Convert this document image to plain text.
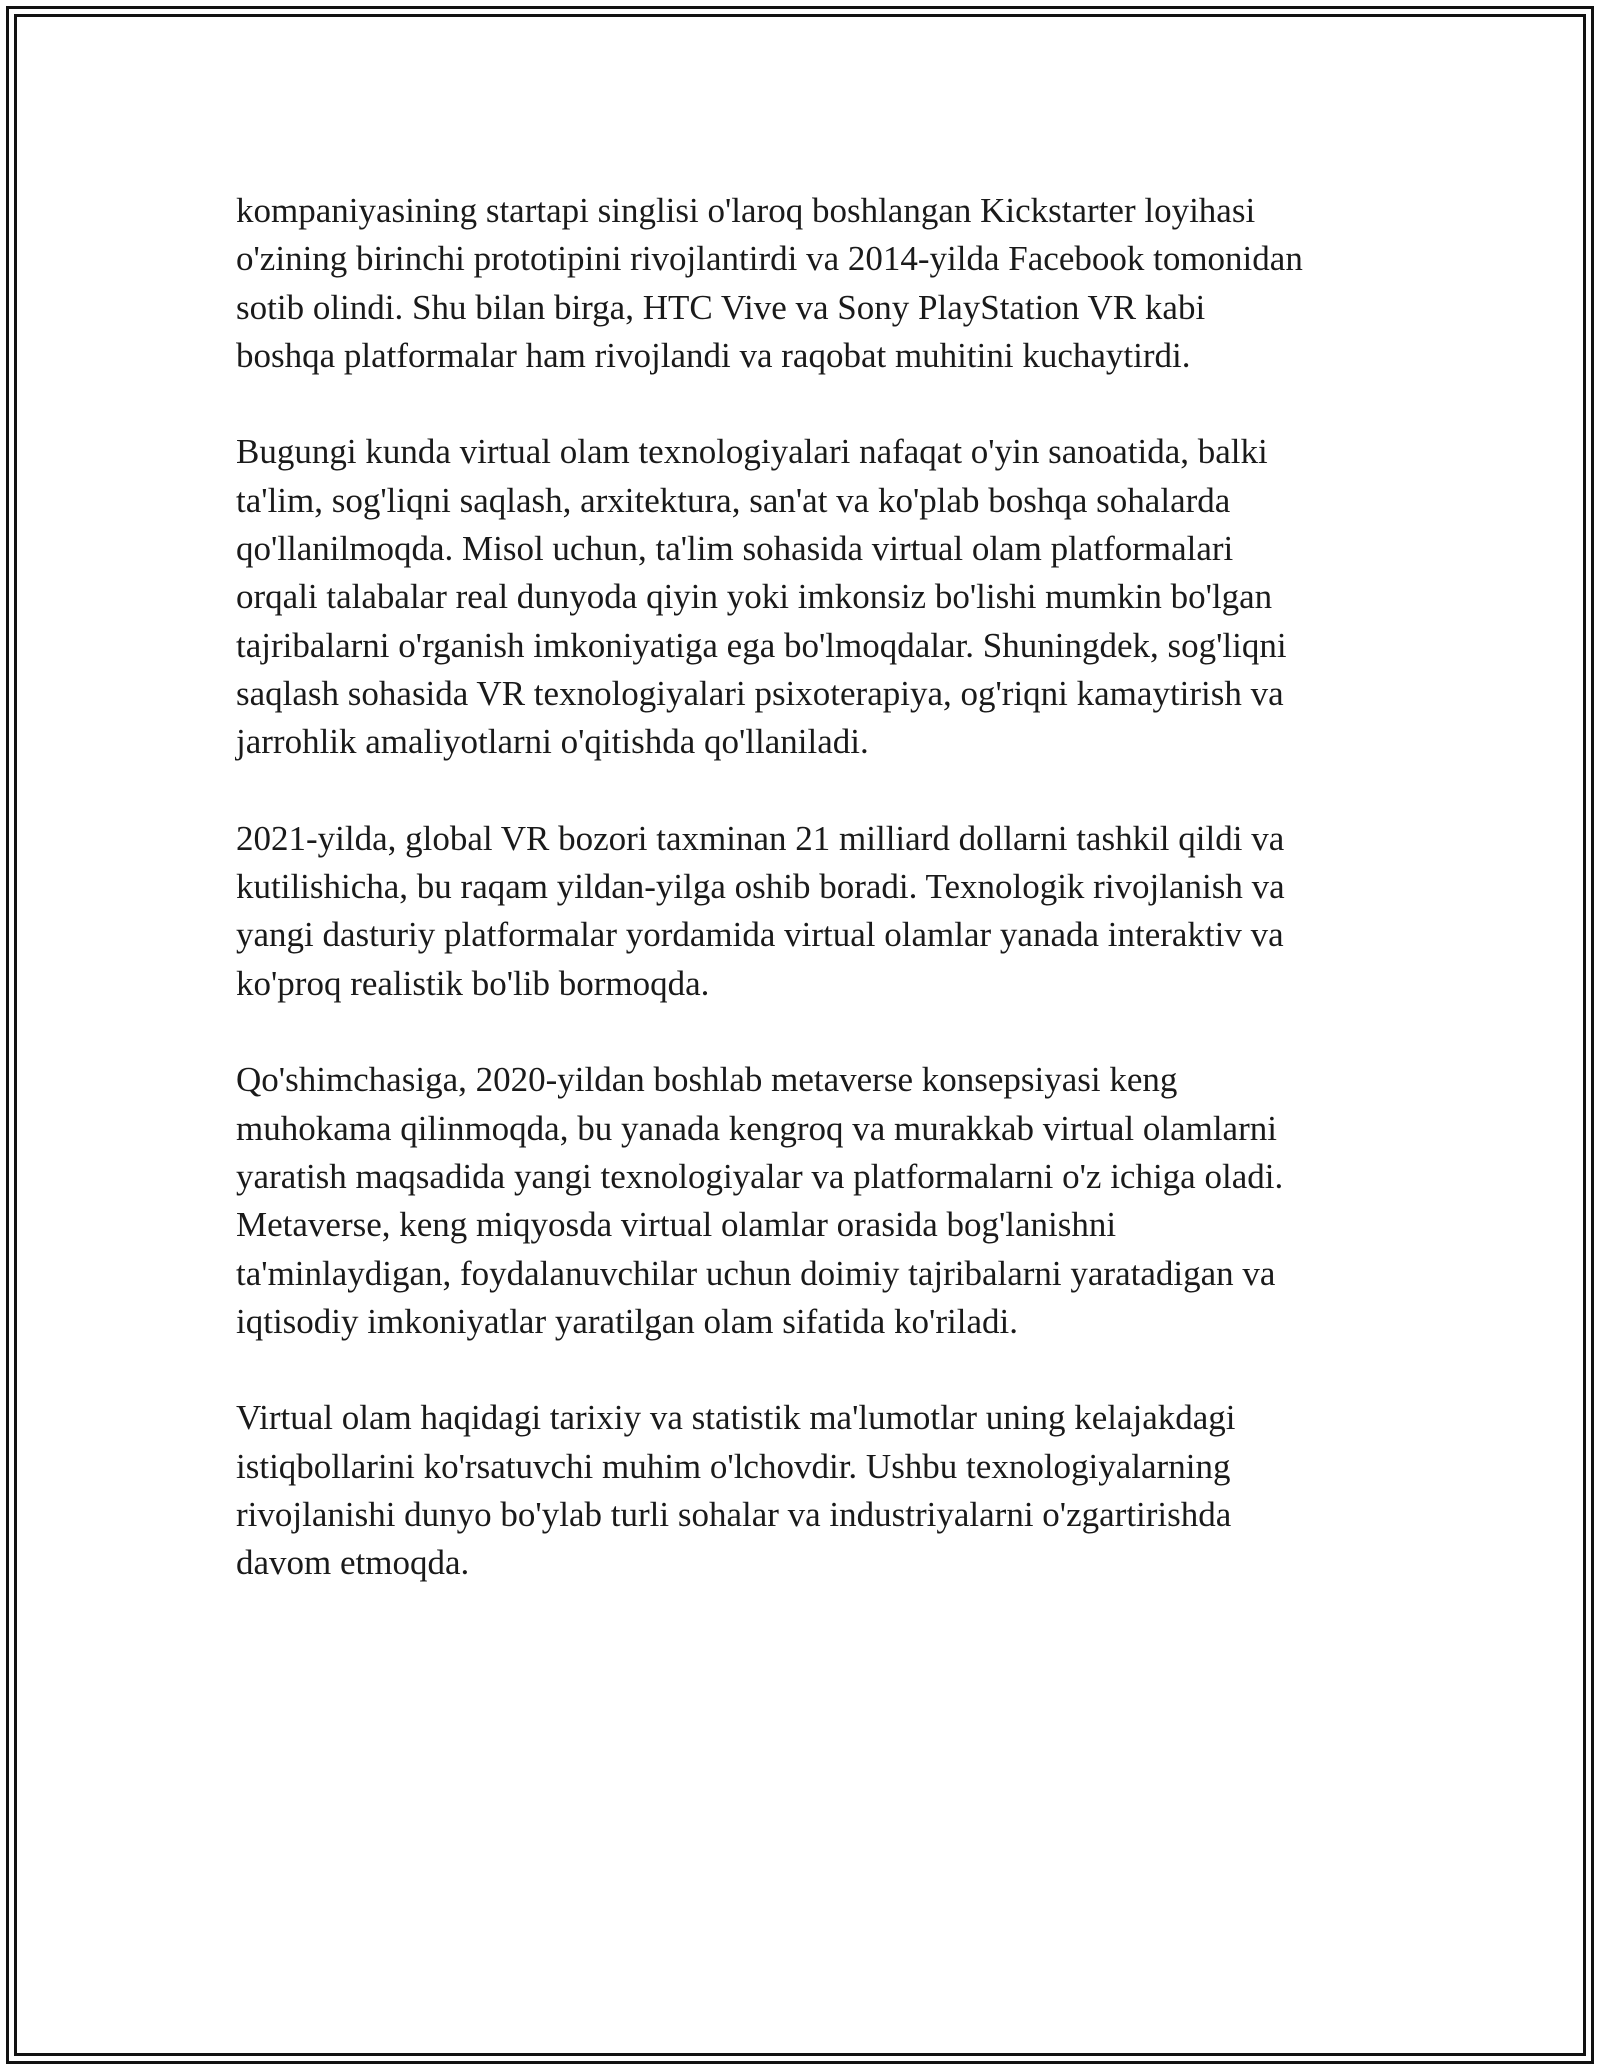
kompaniyasining startapi singlisi o'laroq boshlangan Kickstarter loyihasi
o'zining birinchi prototipini rivojlantirdi va 2014-yilda Facebook tomonidan
sotib olindi. Shu bilan birga, HTC Vive va Sony PlayStation VR kabi
boshqa platformalar ham rivojlandi va raqobat muhitini kuchaytirdi.

Bugungi kunda virtual olam texnologiyalari nafaqat o'yin sanoatida, balki
ta'lim, sog'liqni saqlash, arxitektura, san'at va ko'plab boshqa sohalarda
qo'llanilmoqda. Misol uchun, ta'lim sohasida virtual olam platformalari
orqali talabalar real dunyoda qiyin yoki imkonsiz bo'lishi mumkin bo'lgan
tajribalarni o'rganish imkoniyatiga ega bo'lmoqdalar. Shuningdek, sog'liqni
saqlash sohasida VR texnologiyalari psixoterapiya, og'riqni kamaytirish va
jarrohlik amaliyotlarni o'qitishda qo'llaniladi.

2021-yilda, global VR bozori taxminan 21 milliard dollarni tashkil qildi va
kutilishicha, bu raqam yildan-yilga oshib boradi. Texnologik rivojlanish va
yangi dasturiy platformalar yordamida virtual olamlar yanada interaktiv va
ko'proq realistik bo'lib bormoqda.

Qo'shimchasiga, 2020-yildan boshlab metaverse konsepsiyasi keng
muhokama qilinmoqda, bu yanada kengroq va murakkab virtual olamlarni
yaratish maqsadida yangi texnologiyalar va platformalarni o'z ichiga oladi.
Metaverse, keng miqyosda virtual olamlar orasida bog'lanishni
ta'minlaydigan, foydalanuvchilar uchun doimiy tajribalarni yaratadigan va
iqtisodiy imkoniyatlar yaratilgan olam sifatida ko'riladi.

Virtual olam haqidagi tarixiy va statistik ma'lumotlar uning kelajakdagi
istiqbollarini ko'rsatuvchi muhim o'lchovdir. Ushbu texnologiyalarning
rivojlanishi dunyo bo'ylab turli sohalar va industriyalarni o'zgartirishda
davom etmoqda.
